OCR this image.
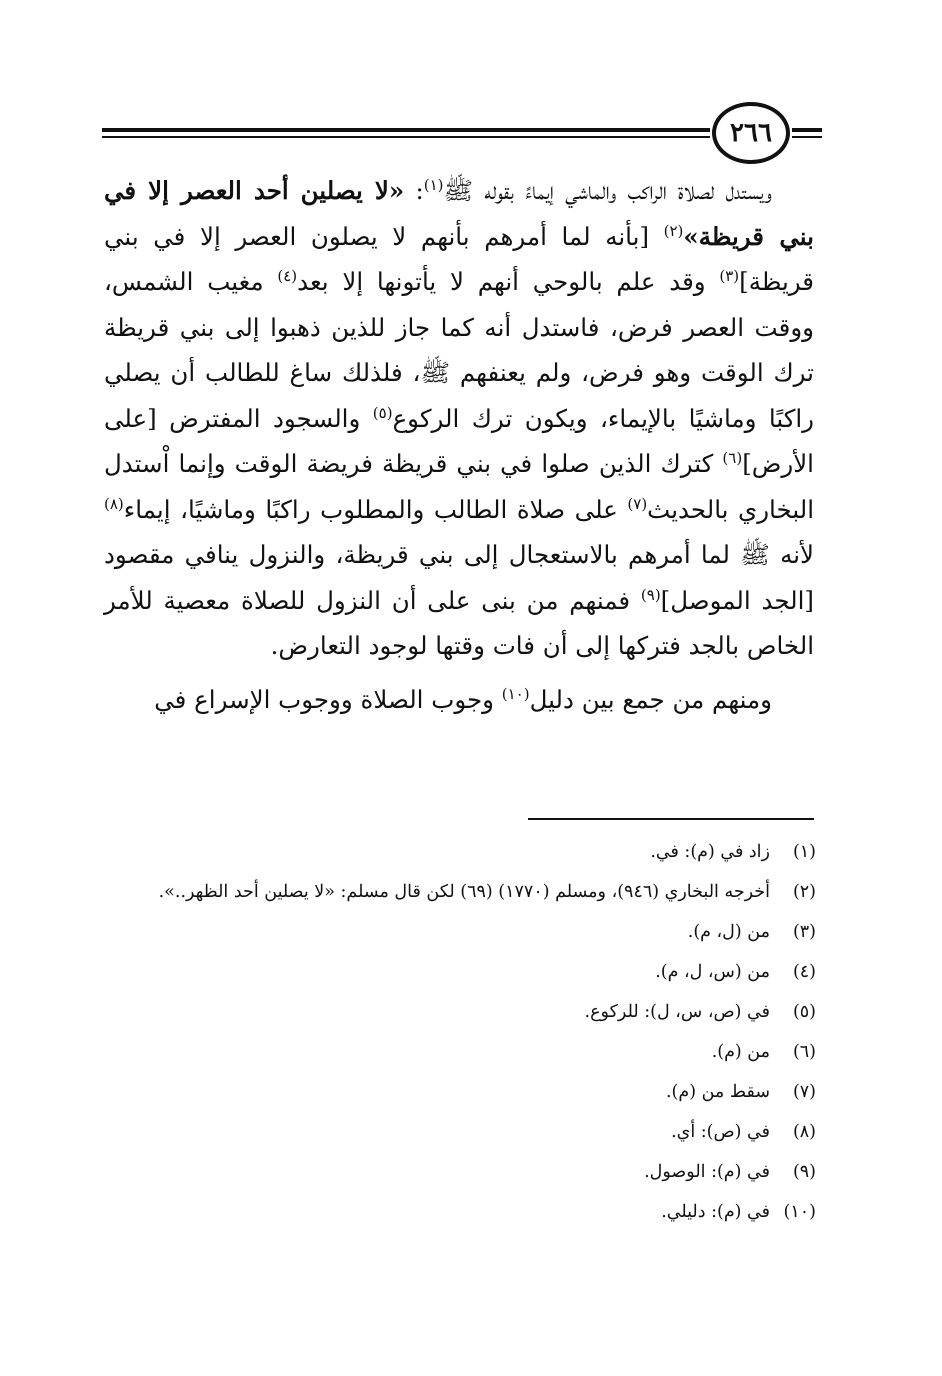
٢٦٦

ويستدل لصلاة الراكب والماشي إيماءً بقوله ﷺ$^{(١)}$: «لا يصلين أحد العصر إلا في بني قريظة»$^{(٢)}$ [بأنه لما أمرهم بأنهم لا يصلون العصر إلا في بني قريظة]$^{(٣)}$ وقد علم بالوحي أنهم لا يأتونها إلا بعد$^{(٤)}$ مغيب الشمس، ووقت العصر فرض، فاستدل أنه كما جاز للذين ذهبوا إلى بني قريظة ترك الوقت وهو فرض، ولم يعنفهم ﷺ، فلذلك ساغ للطالب أن يصلي راكبًا وماشيًا بالإيماء، ويكون ترك الركوع$^{(٥)}$ والسجود المفترض [على الأرض]$^{(٦)}$ كترك الذين صلوا في بني قريظة فريضة الوقت وإنما اْستدل البخاري بالحديث$^{(٧)}$ على صلاة الطالب والمطلوب راكبًا وماشيًا، إيماء$^{(٨)}$ لأنه ﷺ لما أمرهم بالاستعجال إلى بني قريظة، والنزول ينافي مقصود [الجد الموصل]$^{(٩)}$ فمنهم من بنى على أن النزول للصلاة معصية للأمر الخاص بالجد فتركها إلى أن فات وقتها لوجود التعارض.

ومنهم من جمع بين دليل$^{(١٠)}$ وجوب الصلاة ووجوب الإسراع في

(١)
زاد في (م): في.
(٢)
أخرجه البخاري (٩٤٦)، ومسلم (١٧٧٠) (٦٩) لكن قال مسلم: «لا يصلين أحد الظهر..».
(٣)
من (ل، م).
(٤)
من (س، ل، م).
(٥)
في (ص، س، ل): للركوع.
(٦)
من (م).
(٧)
سقط من (م).
(٨)
في (ص): أي.
(٩)
في (م): الوصول.
(١٠)
في (م): دليلي.
